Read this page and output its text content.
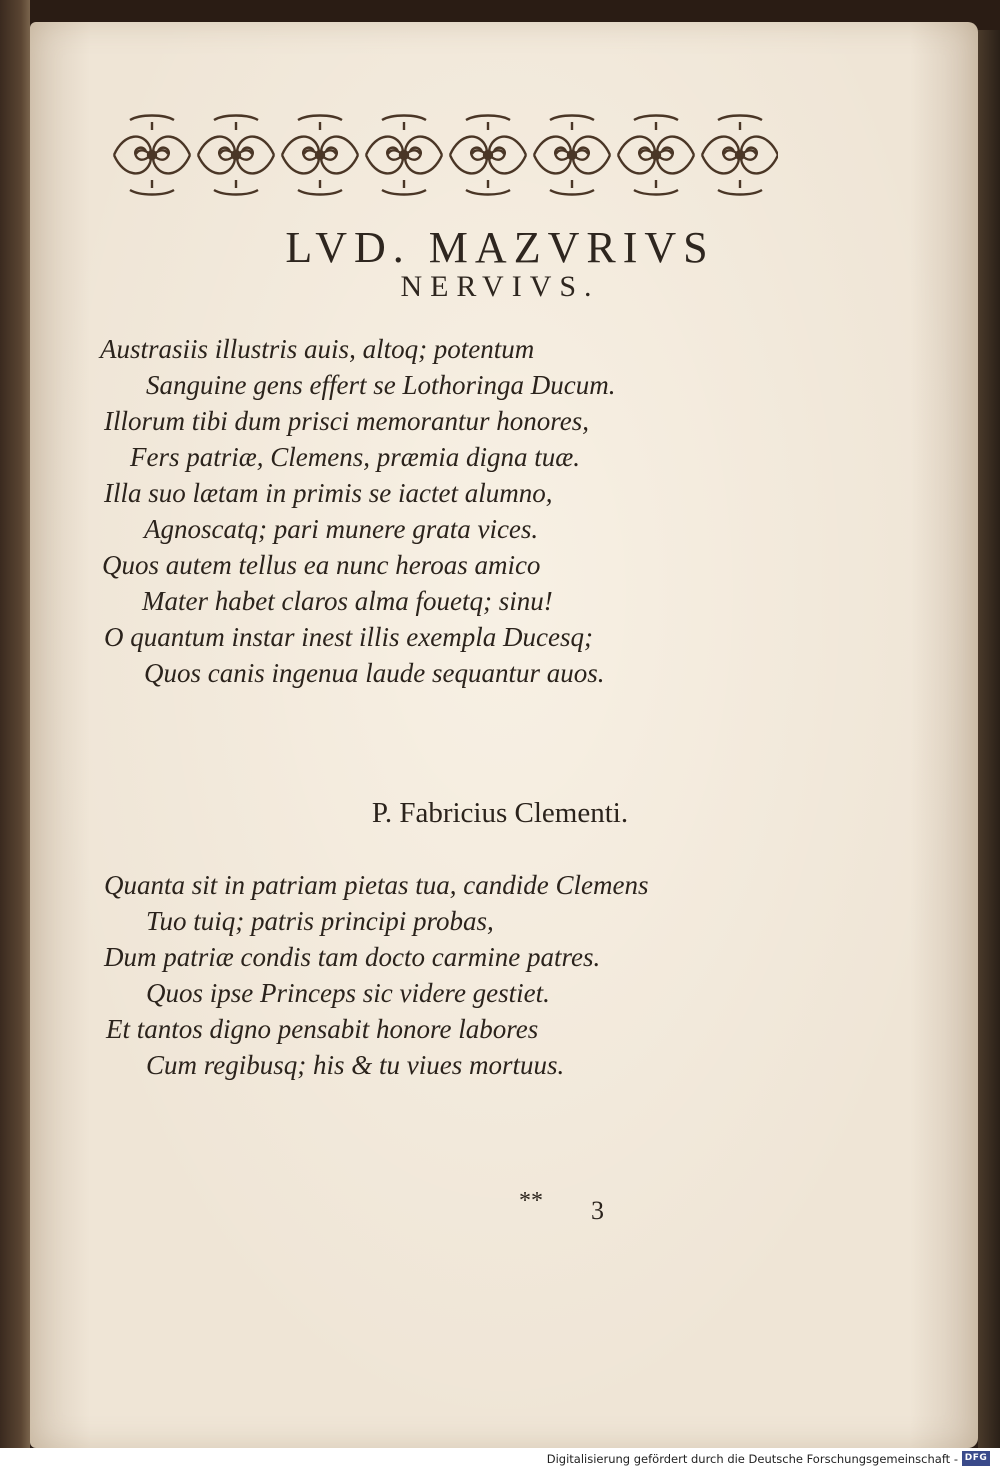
LVD. MAZVRIVS
NERVIVS.
Austrasiis illustris auis, altoq; potentum
Sanguine gens effert se Lothoringa Ducum.
Illorum tibi dum prisci memorantur honores,
Fers patriæ, Clemens, præmia digna tuæ.
Illa suo lætam in primis se iactet alumno,
Agnoscatq; pari munere grata vices.
Quos autem tellus ea nunc heroas amico
Mater habet claros alma fouetq; sinu!
O quantum instar inest illis exempla Ducesq;
Quos canis ingenua laude sequantur auos.
P. Fabricius Clementi.
Quanta sit in patriam pietas tua, candide Clemens
Tuo tuiq; patris principi probas,
Dum patriæ condis tam docto carmine patres.
Quos ipse Princeps sic videre gestiet.
Et tantos digno pensabit honore labores
Cum regibusq; his & tu viues mortuus.
** 3
Digitalisierung gefördert durch die Deutsche Forschungsgemeinschaft - DFG
